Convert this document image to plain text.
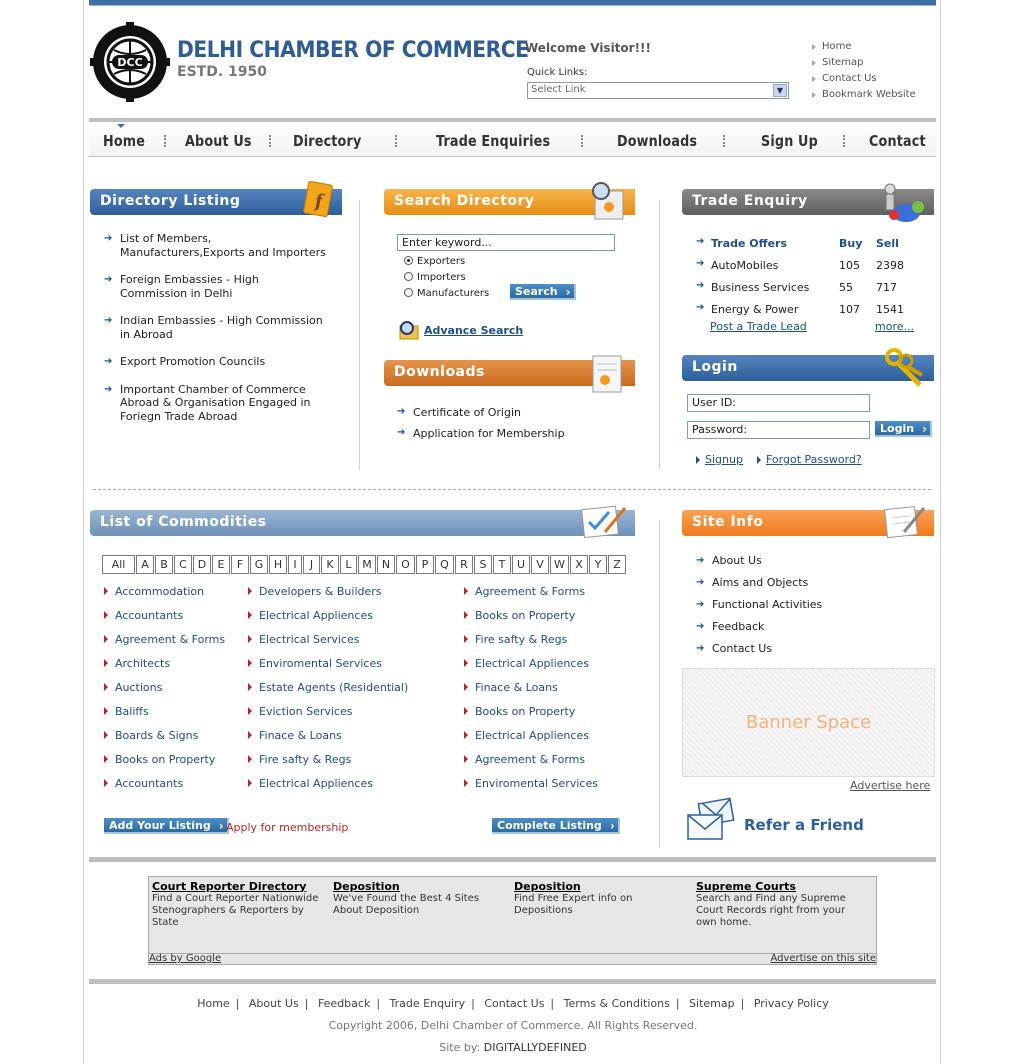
DCC DELHI CHAMBER OF COMMERCE
ESTD. 1950
Welcome Visitor!!!
Quick Links:
Select Link	▼
Home
Sitemap
Contact Us
Bookmark Website
Home	About Us	Directory	Trade Enquiries	Downloads	Sign Up	Contact
Directory Listing	f
➔ List of Members, Manufacturers,Exports and Importers
➔ Foreign Embassies - High Commission in Delhi
➔ Indian Embassies - High Commission in Abroad
➔ Export Promotion Councils
➔ Important Chamber of Commerce Abroad & Organisation Engaged in Foriegn Trade Abroad
Search Directory
Enter keyword...
Exporters
Importers
Manufacturers	Search ›
Advance Search
Downloads
➔ Certificate of Origin
➔ Application for Membership
Trade Enquiry
➔ Trade Offers	Buy	Sell
➔ AutoMobiles	105	2398
➔ Business Services	55	717
➔ Energy & Power	107	1541
Post a Trade Lead	more...
Login
User ID:
Password:	Login ›
Signup	Forgot Password?
List of Commodities
All	A	B	C D	E	F	G H	I	J	K	L M N	O	P	Q	R	S	T	U	V W X	Y	Z
Accommodation
Accountants
Agreement & Forms
Architects
Auctions
Baliffs
Boards & Signs
Books on Property
Accountants
Developers & Builders
Electrical Appliences
Electrical Services
Enviromental Services
Estate Agents (Residential)
Eviction Services
Finace & Loans
Fire safty & Regs
Electrical Appliences
Agreement & Forms
Books on Property
Fire safty & Regs
Electrical Appliences
Finace & Loans
Books on Property
Electrical Appliences
Agreement & Forms
Enviromental Services
Add Your Listing ›	Apply for membership	Complete Listing ›
Site Info
➔ About Us
➔ Aims and Objects
➔ Functional Activities
➔ Feedback
➔ Contact Us
Banner Space
Advertise here
Refer a Friend
Court Reporter Directory
Find a Court Reporter Nationwide Stenographers & Reporters by State
Deposition
We've Found the Best 4 Sites About Deposition
Deposition
Find Free Expert info on Depositions
Supreme Courts
Search and Find any Supreme Court Records right from your own home.
Ads by Google	Advertise on this site
Home | About Us | Feedback | Trade Enquiry | Contact Us | Terms & Conditions | Sitemap | Privacy Policy
Copyright 2006, Delhi Chamber of Commerce. All Rights Reserved.
Site by: DIGITALLYDEFINED
